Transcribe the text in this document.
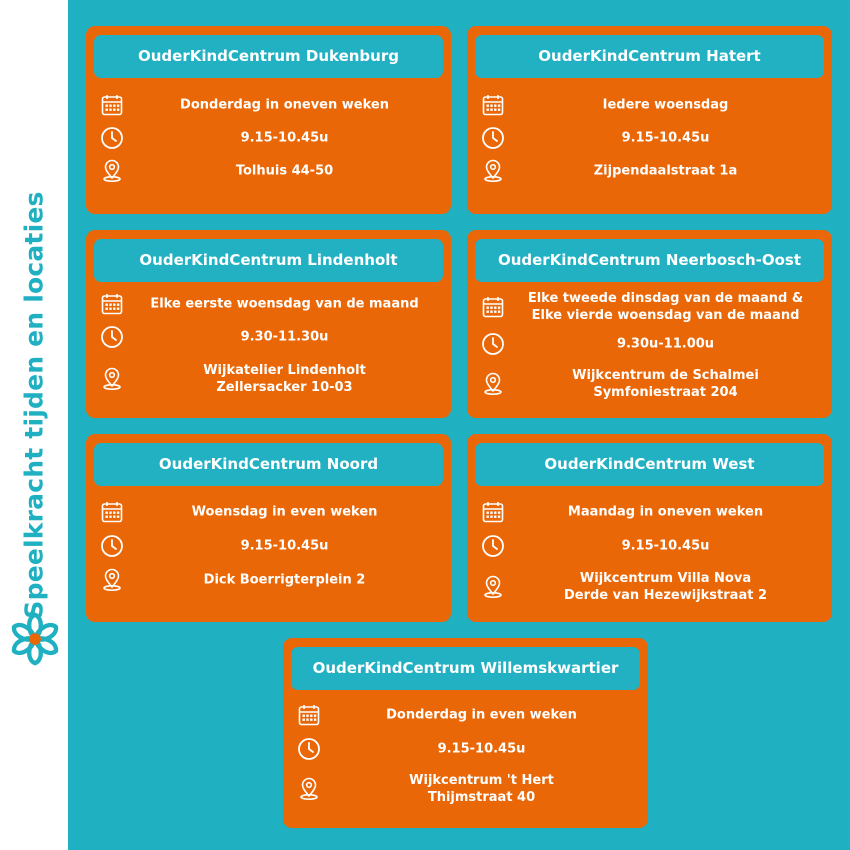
Speelkracht tijden en locaties
OuderKindCentrum Dukenburg
Donderdag in oneven weken
9.15-10.45u
Tolhuis 44-50
OuderKindCentrum Hatert
Iedere woensdag
9.15-10.45u
Zijpendaalstraat 1a
OuderKindCentrum Lindenholt
Elke eerste woensdag van de maand
9.30-11.30u
Wijkatelier Lindenholt
Zellersacker 10-03
OuderKindCentrum Neerbosch-Oost
Elke tweede dinsdag van de maand &
Elke vierde woensdag van de maand
9.30u-11.00u
Wijkcentrum de Schalmei
Symfoniestraat 204
OuderKindCentrum Noord
Woensdag in even weken
9.15-10.45u
Dick Boerrigterplein 2
OuderKindCentrum West
Maandag in oneven weken
9.15-10.45u
Wijkcentrum Villa Nova
Derde van Hezewijkstraat 2
OuderKindCentrum Willemskwartier
Donderdag in even weken
9.15-10.45u
Wijkcentrum 't Hert
Thijmstraat 40
